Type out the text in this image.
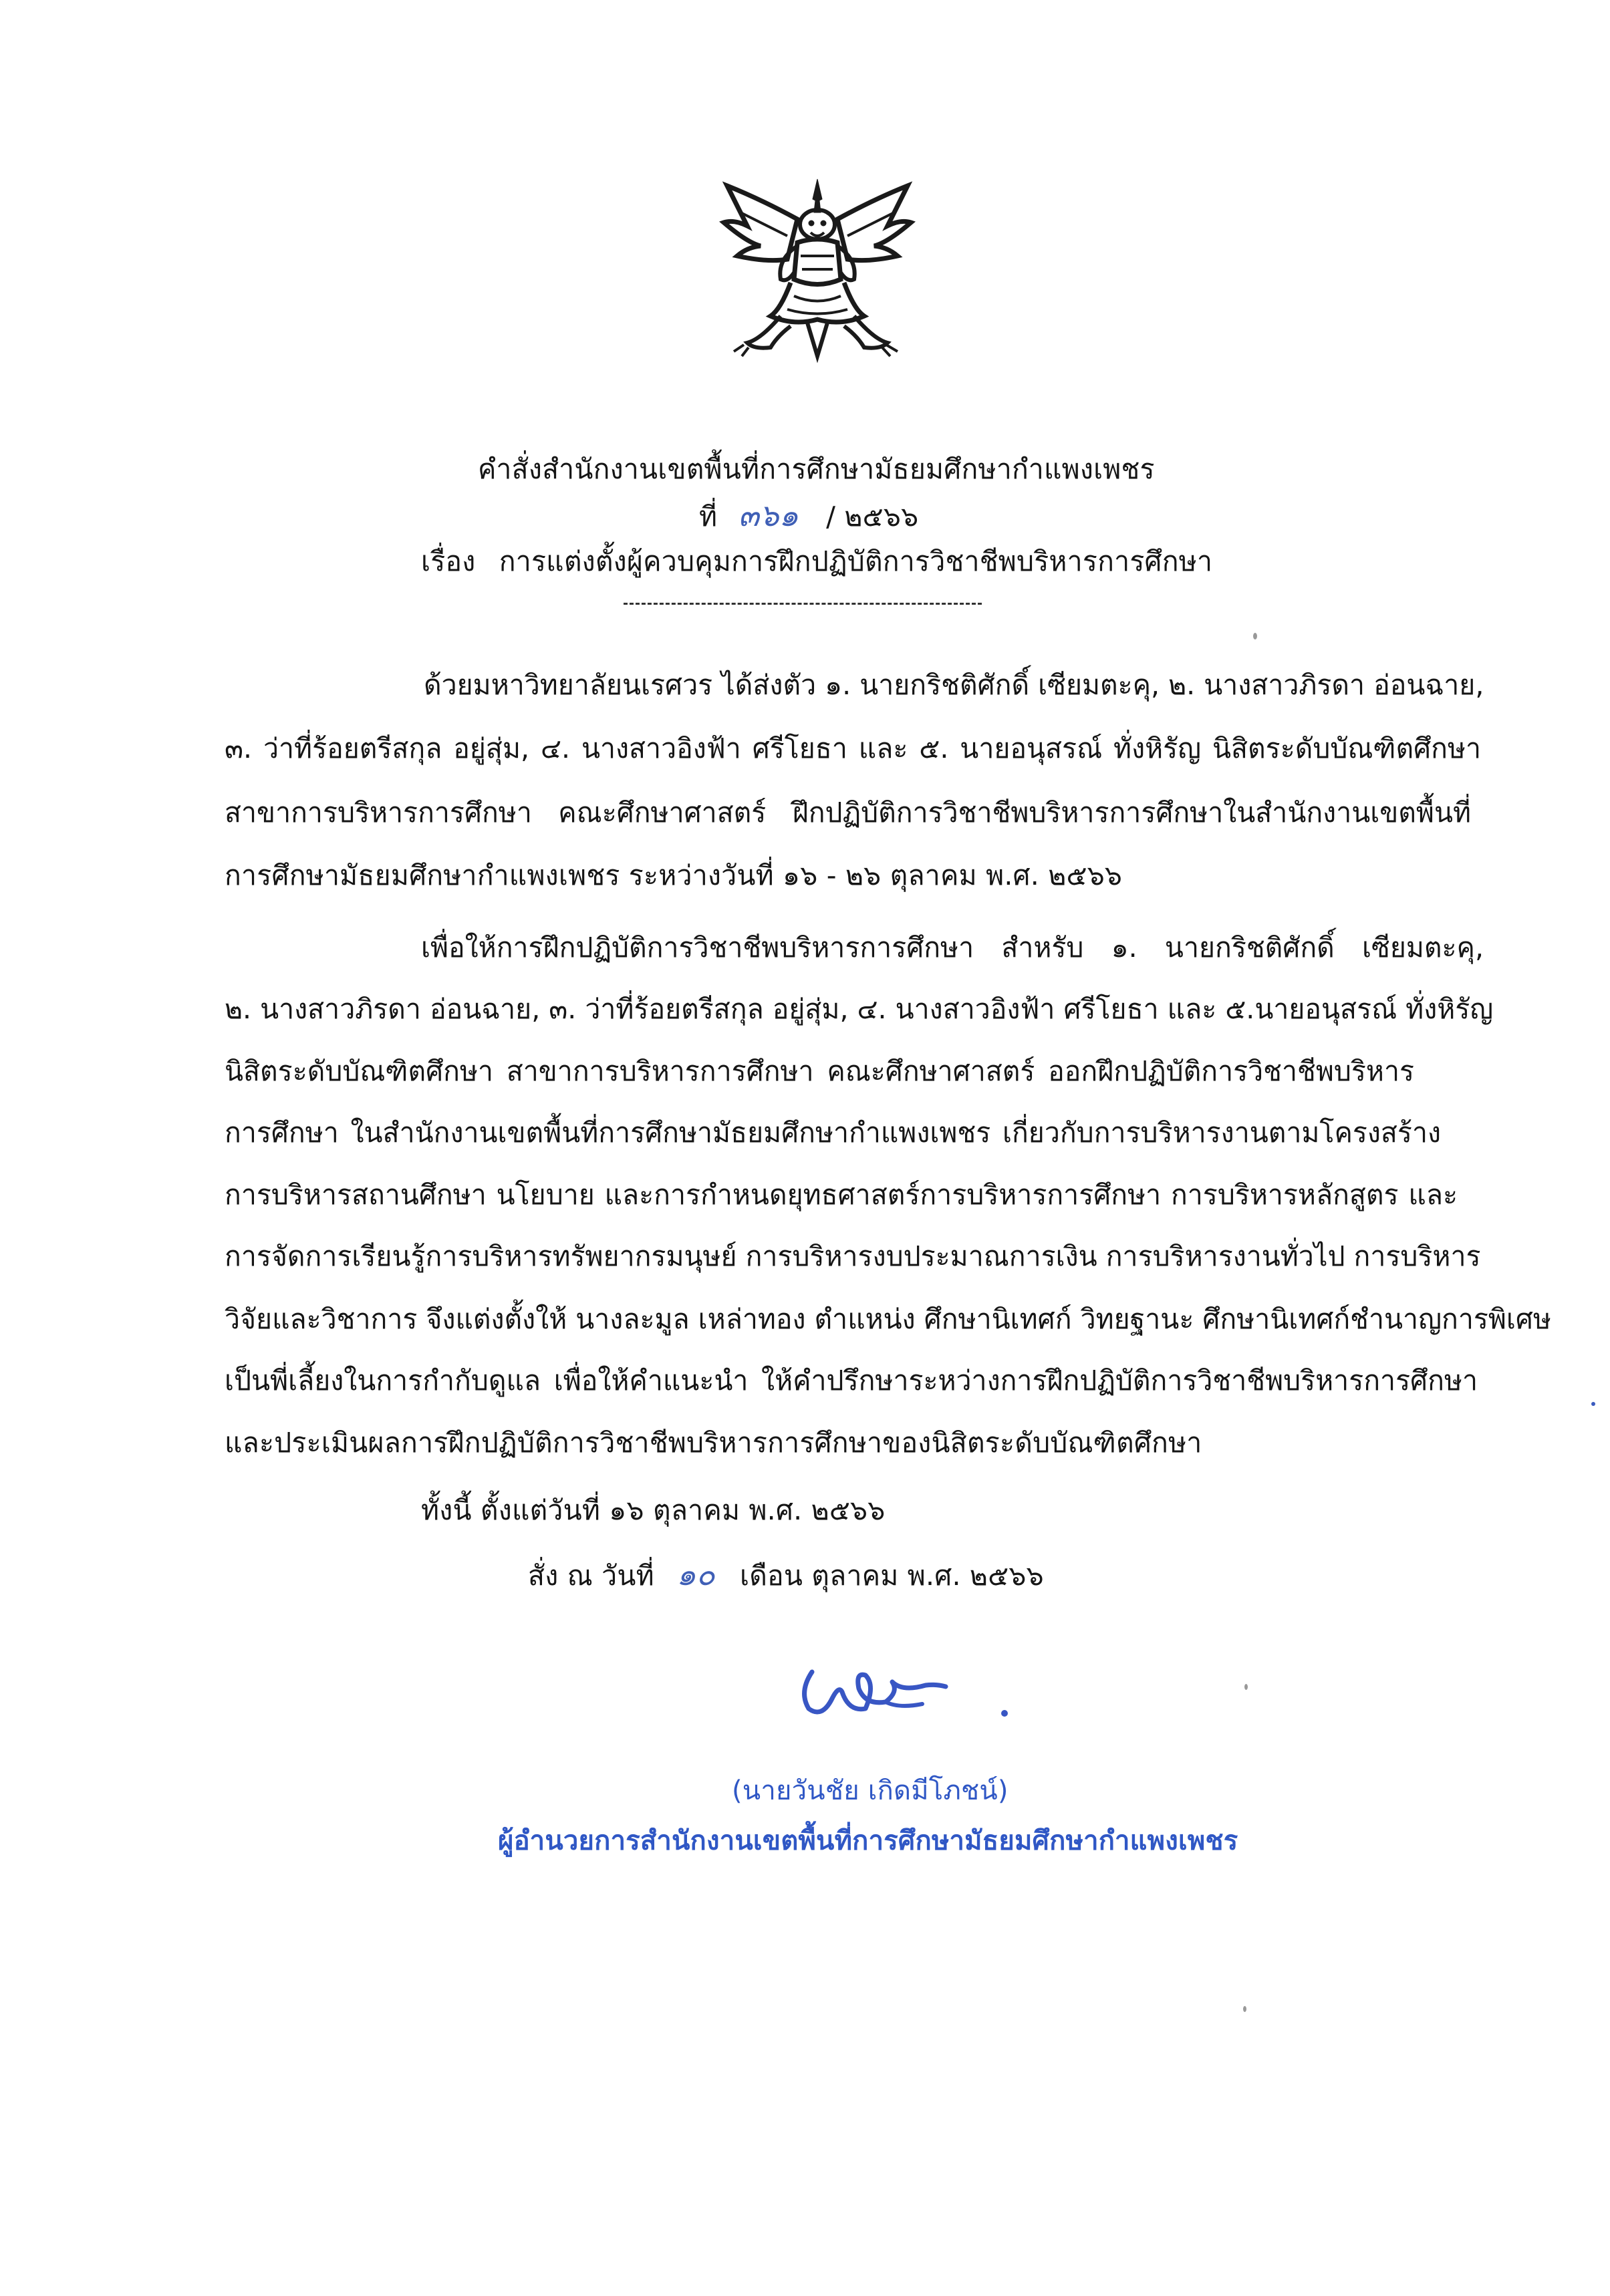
คำสั่งสำนักงานเขตพื้นที่การศึกษามัธยมศึกษากำแพงเพชร
ที่ ๓๖๑ / ๒๕๖๖
เรื่อง การแต่งตั้งผู้ควบคุมการฝึกปฏิบัติการวิชาชีพบริหารการศึกษา
ด้วยมหาวิทยาลัยนเรศวร ได้ส่งตัว ๑. นายกริชติศักดิ์ เซียมตะคุ, ๒. นางสาวภิรดา อ่อนฉาย,
๓. ว่าที่ร้อยตรีสกุล อยู่สุ่ม, ๔. นางสาวอิงฟ้า ศรีโยธา และ ๕. นายอนุสรณ์ ทั่งหิรัญ นิสิตระดับบัณฑิตศึกษา
สาขาการบริหารการศึกษา คณะศึกษาศาสตร์ ฝึกปฏิบัติการวิชาชีพบริหารการศึกษาในสำนักงานเขตพื้นที่
การศึกษามัธยมศึกษากำแพงเพชร ระหว่างวันที่ ๑๖ - ๒๖ ตุลาคม พ.ศ. ๒๕๖๖
เพื่อให้การฝึกปฏิบัติการวิชาชีพบริหารการศึกษา สำหรับ ๑. นายกริชติศักดิ์ เซียมตะคุ,
๒. นางสาวภิรดา อ่อนฉาย, ๓. ว่าที่ร้อยตรีสกุล อยู่สุ่ม, ๔. นางสาวอิงฟ้า ศรีโยธา และ ๕.นายอนุสรณ์ ทั่งหิรัญ
นิสิตระดับบัณฑิตศึกษา สาขาการบริหารการศึกษา คณะศึกษาศาสตร์ ออกฝึกปฏิบัติการวิชาชีพบริหาร
การศึกษา ในสำนักงานเขตพื้นที่การศึกษามัธยมศึกษากำแพงเพชร เกี่ยวกับการบริหารงานตามโครงสร้าง
การบริหารสถานศึกษา นโยบาย และการกำหนดยุทธศาสตร์การบริหารการศึกษา การบริหารหลักสูตร และ
การจัดการเรียนรู้การบริหารทรัพยากรมนุษย์ การบริหารงบประมาณการเงิน การบริหารงานทั่วไป การบริหาร
วิจัยและวิชาการ จึงแต่งตั้งให้ นางละมูล เหล่าทอง ตำแหน่ง ศึกษานิเทศก์ วิทยฐานะ ศึกษานิเทศก์ชำนาญการพิเศษ
เป็นพี่เลี้ยงในการกำกับดูแล เพื่อให้คำแนะนำ ให้คำปรึกษาระหว่างการฝึกปฏิบัติการวิชาชีพบริหารการศึกษา
และประเมินผลการฝึกปฏิบัติการวิชาชีพบริหารการศึกษาของนิสิตระดับบัณฑิตศึกษา
ทั้งนี้ ตั้งแต่วันที่ ๑๖ ตุลาคม พ.ศ. ๒๕๖๖
สั่ง ณ วันที่ ๑๐ เดือน ตุลาคม พ.ศ. ๒๕๖๖
(นายวันชัย เกิดมีโภชน์)
ผู้อำนวยการสำนักงานเขตพื้นที่การศึกษามัธยมศึกษากำแพงเพชร
